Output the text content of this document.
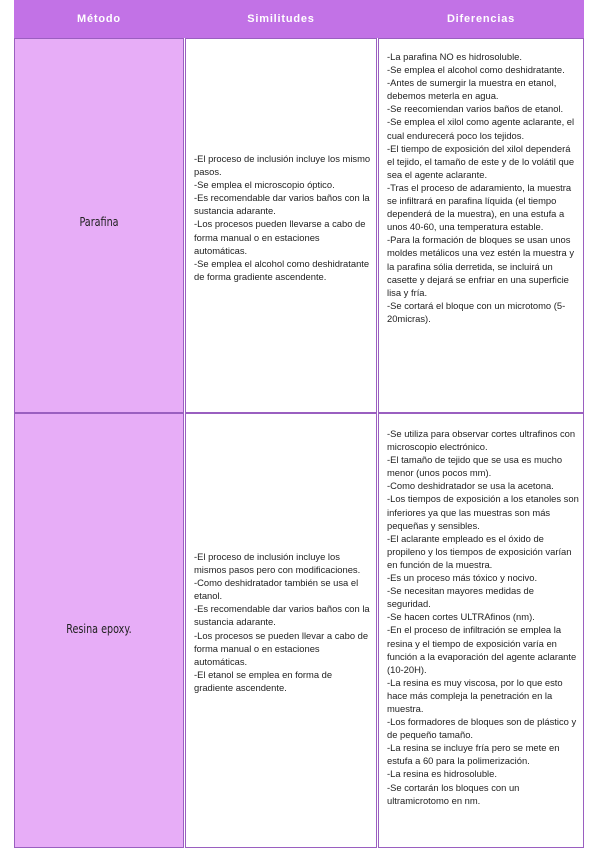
Método	Similitudes	Diferencias
Parafina
-El proceso de inclusión incluye los mismo pasos.
-Se emplea el microscopio óptico.
-Es recomendable dar varios baños con la sustancia adarante.
-Los procesos pueden llevarse a cabo de forma manual o en estaciones automáticas.
-Se emplea el alcohol como deshidratante de forma gradiente ascendente.
-La parafina NO es hidrosoluble.
-Se emplea el alcohol como deshidratante.
-Antes de sumergir la muestra en etanol, debemos meterla en agua.
-Se reecomiendan varios baños de etanol.
-Se emplea el xilol como agente aclarante, el cual endurecerá poco los tejidos.
-El tiempo de exposición del xilol dependerá el tejido, el tamaño de este y de lo volátil que sea el agente aclarante.
-Tras el proceso de adaramiento, la muestra se infiltrará en parafina líquida (el tiempo dependerá de la muestra), en una estufa a unos 40-60, una temperatura estable.
-Para la formación de bloques se usan unos moldes metálicos una vez estén la muestra y la parafina sólia derretida, se incluirá un casette y dejará se enfriar en una superficie lisa y fría.
-Se cortará el bloque con un microtomo (5-20micras).
Resina epoxy.
-El proceso de inclusión incluye los mismos pasos pero con modificaciones.
-Como deshidratador también se usa el etanol.
-Es recomendable dar varios baños con la sustancia adarante.
-Los procesos se pueden llevar a cabo de forma manual o en estaciones automáticas.
-El etanol se emplea en forma de gradiente ascendente.
-Se utiliza para observar cortes ultrafinos con microscopio electrónico.
-El tamaño de tejido que se usa es mucho menor (unos pocos mm).
-Como deshidratador se usa la acetona.
-Los tiempos de exposición a los etanoles son inferiores ya que las muestras son más pequeñas y sensibles.
-El aclarante empleado es el óxido de propileno y los tiempos de exposición varían en función de la muestra.
-Es un proceso más tóxico y nocivo.
-Se necesitan mayores medidas de seguridad.
-Se hacen cortes ULTRAfinos (nm).
-En el proceso de infiltración se emplea la resina y el tiempo de exposición varía en función a la evaporación del agente aclarante (10-20H).
-La resina es muy viscosa, por lo que esto hace más compleja la penetración en la muestra.
-Los formadores de bloques son de plástico y de pequeño tamaño.
-La resina se incluye fría pero se mete en estufa a 60 para la polimerización.
-La resina es hidrosoluble.
-Se cortarán los bloques con un ultramicrotomo en nm.
